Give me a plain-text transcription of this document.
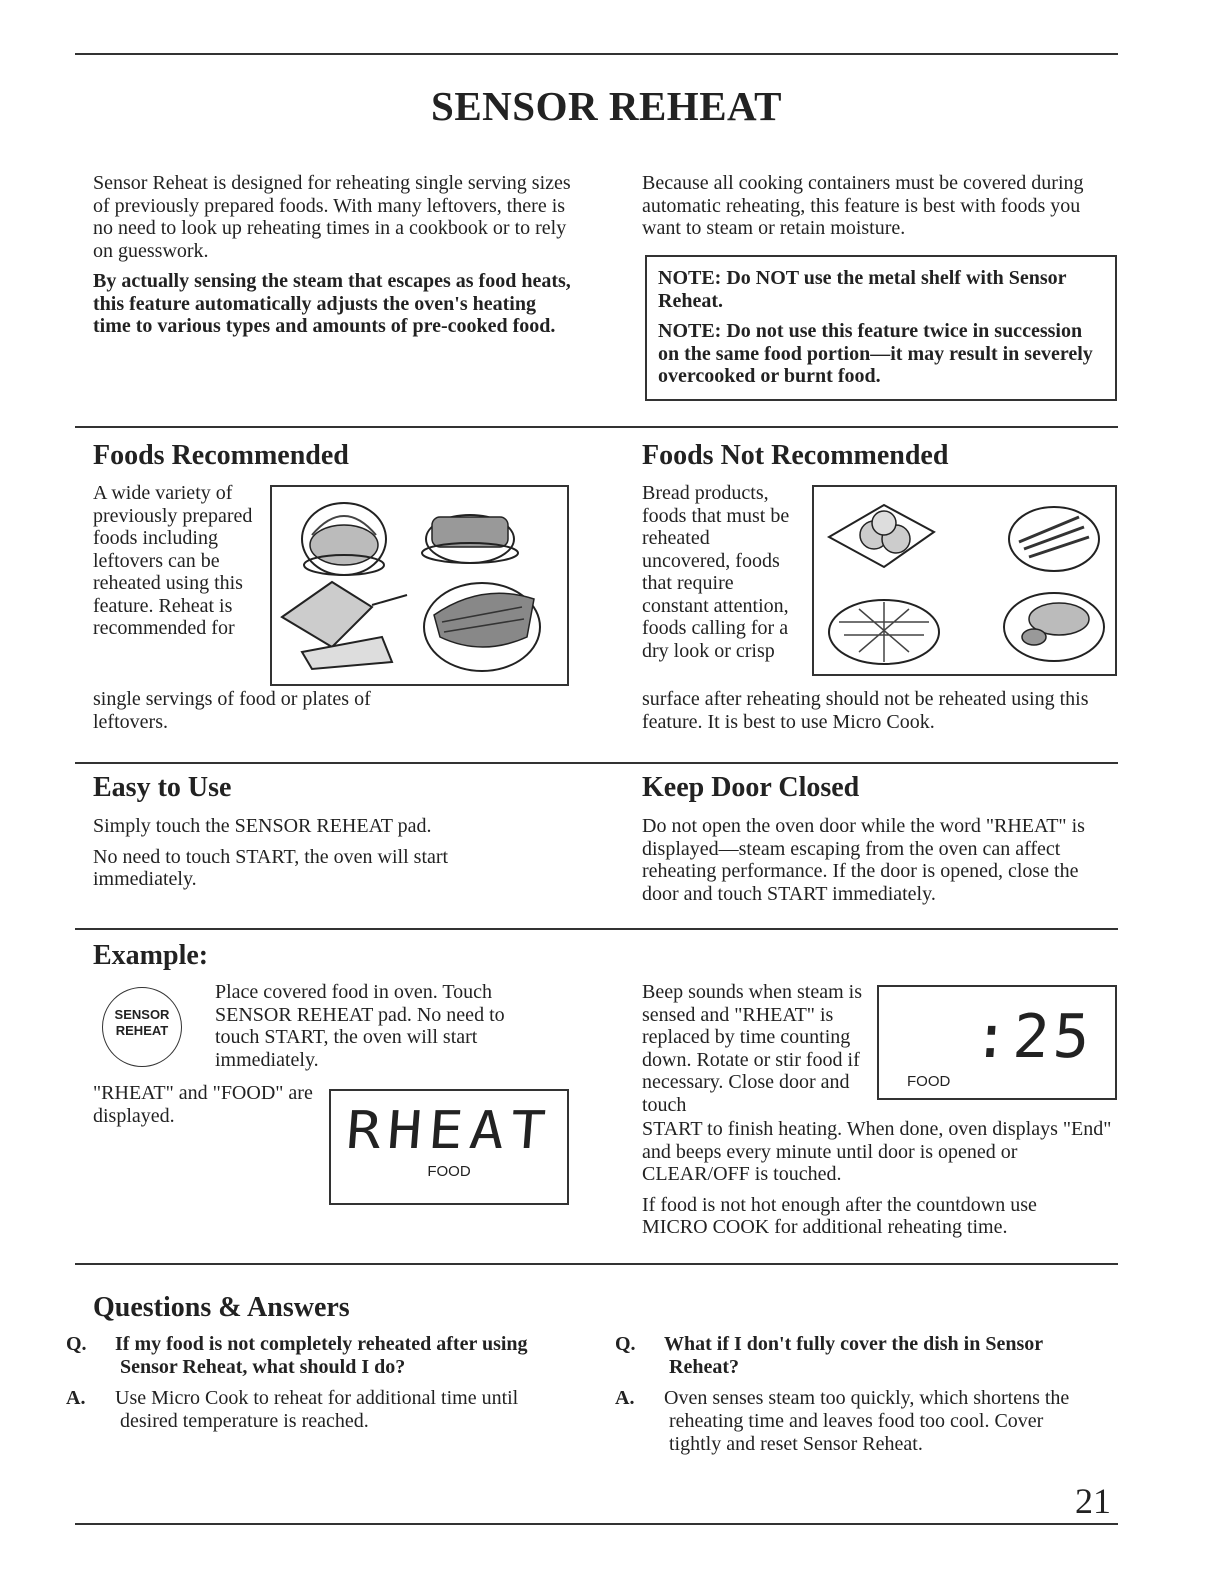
SENSOR REHEAT

Sensor Reheat is designed for reheating single serving sizes of previously prepared foods. With many leftovers, there is no need to look up reheating times in a cookbook or to rely on guesswork.

By actually sensing the steam that escapes as food heats, this feature automatically adjusts the oven's heating time to various types and amounts of pre-cooked food.

Because all cooking containers must be covered during automatic reheating, this feature is best with foods you want to steam or retain moisture.

NOTE: Do NOT use the metal shelf with Sensor Reheat.

NOTE: Do not use this feature twice in succession on the same food portion—it may result in severely overcooked or burnt food.

Foods Recommended

A wide variety of previously prepared foods including leftovers can be reheated using this feature. Reheat is recommended for

single servings of food or plates of leftovers.

Foods Not Recommended

Bread products, foods that must be reheated uncovered, foods that require constant attention, foods calling for a dry look or crisp

surface after reheating should not be reheated using this feature. It is best to use Micro Cook.

Easy to Use

Simply touch the SENSOR REHEAT pad.

No need to touch START, the oven will start immediately.

Keep Door Closed

Do not open the oven door while the word "RHEAT" is displayed—steam escaping from the oven can affect reheating performance. If the door is opened, close the door and touch START immediately.

Example:
SENSOR
REHEAT

Place covered food in oven. Touch SENSOR REHEAT pad. No need to touch START, the oven will start immediately.

"RHEAT" and "FOOD" are displayed.	RHEAT
FOOD

Beep sounds when steam is sensed and "RHEAT" is replaced by time counting down. Rotate or stir food if necessary. Close door and touch

START to finish heating. When done, oven displays "End" and beeps every minute until door is opened or CLEAR/OFF is touched.

If food is not hot enough after the countdown use MICRO COOK for additional reheating time.

:25
FOOD
Questions & Answers

Q. If my food is not completely reheated after using Sensor Reheat, what should I do?

A. Use Micro Cook to reheat for additional time until desired temperature is reached.

Q. What if I don't fully cover the dish in Sensor Reheat?

A. Oven senses steam too quickly, which shortens the reheating time and leaves food too cool. Cover tightly and reset Sensor Reheat.

21
